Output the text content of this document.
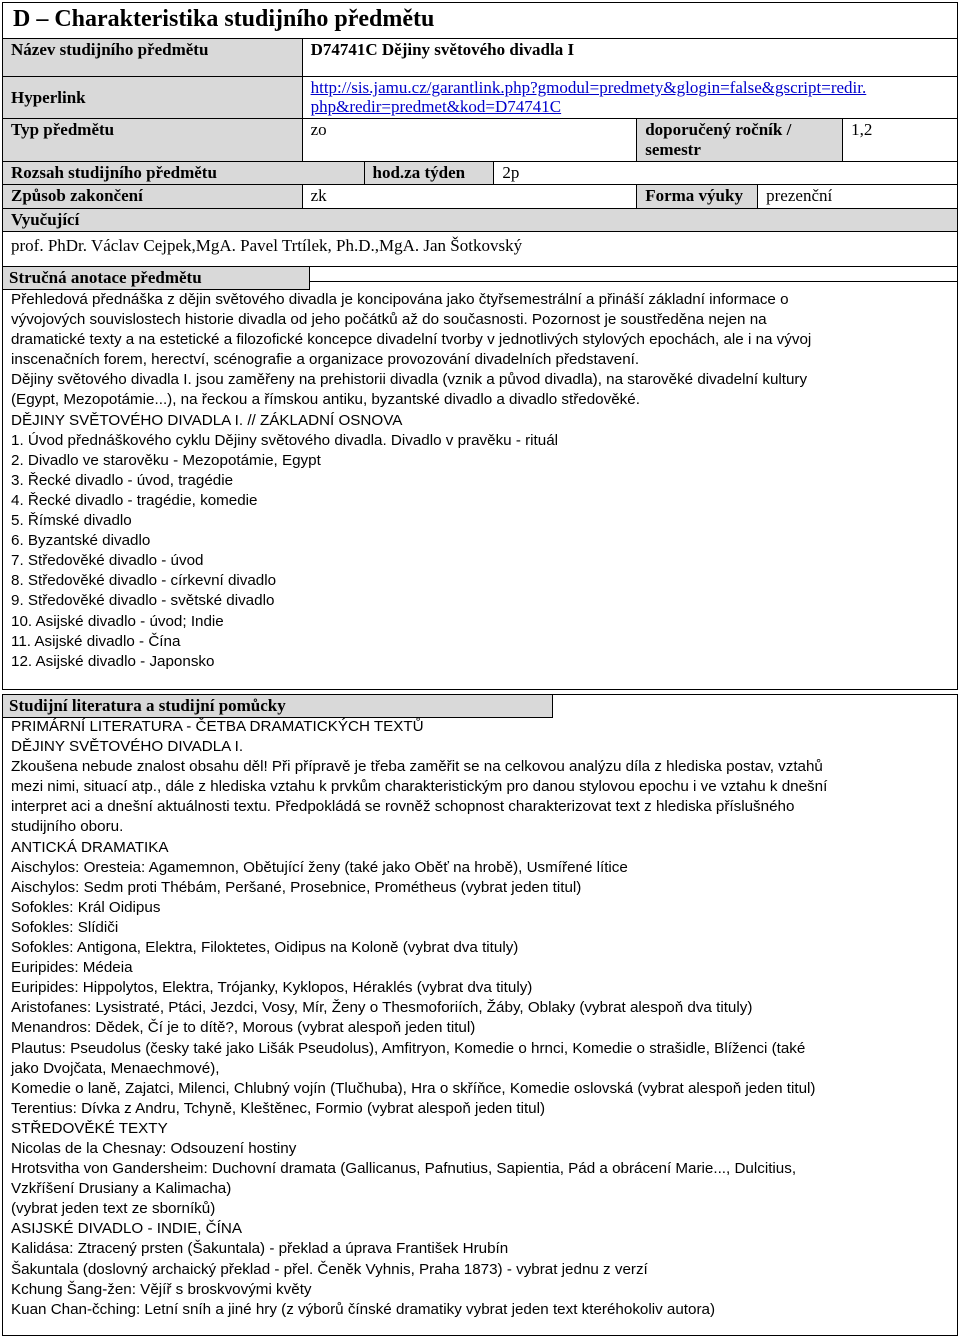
D – Charakteristika studijního předmětu
Název studijního předmětu	D74741C Dějiny světového divadla I					
Hyperlink	http://sis.jamu.cz/garantlink.php?gmodul=predmety&glogin=false&gscript=redir.
php&redir=predmet&kod=D74741C					

Typ předmětu	zo			doporučený ročník / semestr		1,2
Rozsah studijního předmětu		hod.za týden	2p			
Způsob zakončení	zk			Forma výuky	prezenční	
Vyučující						
prof. PhDr. Václav Cejpek,MgA. Pavel Trtílek, Ph.D.,MgA. Jan Šotkovský						
Stručná anotace předmětu
Přehledová přednáška z dějin světového divadla je koncipována jako čtyřsemestrální a přináší základní informace o
vývojových souvislostech historie divadla od jeho počátků až do současnosti. Pozornost je soustředěna nejen na
dramatické texty a na estetické a filozofické koncepce divadelní tvorby v jednotlivých stylových epochách, ale i na vývoj
inscenačních forem, herectví, scénografie a organizace provozování divadelních představení.
Dějiny světového divadla I. jsou zaměřeny na prehistorii divadla (vznik a původ divadla), na starověké divadelní kultury
(Egypt, Mezopotámie...), na řeckou a římskou antiku, byzantské divadlo a divadlo středověké.
DĚJINY SVĚTOVÉHO DIVADLA I. // ZÁKLADNÍ OSNOVA
1. Úvod přednáškového cyklu Dějiny světového divadla. Divadlo v pravěku - rituál
2. Divadlo ve starověku - Mezopotámie, Egypt
3. Řecké divadlo - úvod, tragédie
4. Řecké divadlo - tragédie, komedie
5. Římské divadlo
6. Byzantské divadlo
7. Středověké divadlo - úvod
8. Středověké divadlo - církevní divadlo
9. Středověké divadlo - světské divadlo
10. Asijské divadlo - úvod; Indie
11. Asijské divadlo - Čína
12. Asijské divadlo - Japonsko
Studijní literatura a studijní pomůcky
PRIMÁRNÍ LITERATURA - ČETBA DRAMATICKÝCH TEXTŮ
DĚJINY SVĚTOVÉHO DIVADLA I.
Zkoušena nebude znalost obsahu děl! Při přípravě je třeba zaměřit se na celkovou analýzu díla z hlediska postav, vztahů
mezi nimi, situací atp., dále z hlediska vztahu k prvkům charakteristickým pro danou stylovou epochu i ve vztahu k dnešní
interpret aci a dnešní aktuálnosti textu. Předpokládá se rovněž schopnost charakterizovat text z hlediska příslušného
studijního oboru.
ANTICKÁ DRAMATIKA
Aischylos: Oresteia: Agamemnon, Obětující ženy (také jako Oběť na hrobě), Usmířené lítice
Aischylos: Sedm proti Thébám, Peršané, Prosebnice, Prométheus (vybrat jeden titul)
Sofokles: Král Oidipus
Sofokles: Slídiči
Sofokles: Antigona, Elektra, Filoktetes, Oidipus na Koloně (vybrat dva tituly)
Euripides: Médeia
Euripides: Hippolytos, Elektra, Trójanky, Kyklopos, Héraklés (vybrat dva tituly)
Aristofanes: Lysistraté, Ptáci, Jezdci, Vosy, Mír, Ženy o Thesmoforiích, Žáby, Oblaky (vybrat alespoň dva tituly)
Menandros: Dědek, Čí je to dítě?, Morous (vybrat alespoň jeden titul)
Plautus: Pseudolus (česky také jako Lišák Pseudolus), Amfitryon, Komedie o hrnci, Komedie o strašidle, Blíženci (také
jako Dvojčata, Menaechmové),
Komedie o laně, Zajatci, Milenci, Chlubný vojín (Tlučhuba), Hra o skříňce, Komedie oslovská (vybrat alespoň jeden titul)
Terentius: Dívka z Andru, Tchyně, Kleštěnec, Formio (vybrat alespoň jeden titul)
STŘEDOVĚKÉ TEXTY
Nicolas de la Chesnay: Odsouzení hostiny
Hrotsvitha von Gandersheim: Duchovní dramata (Gallicanus, Pafnutius, Sapientia, Pád a obrácení Marie..., Dulcitius,
Vzkříšení Drusiany a Kalimacha)
(vybrat jeden text ze sborníků)
ASIJSKÉ DIVADLO - INDIE, ČÍNA
Kalidása: Ztracený prsten (Šakuntala) - překlad a úprava František Hrubín
Šakuntala (doslovný archaický překlad - přel. Čeněk Vyhnis, Praha 1873) - vybrat jednu z verzí
Kchung Šang-žen: Vějíř s broskvovými květy
Kuan Chan-čching: Letní sníh a jiné hry (z výborů čínské dramatiky vybrat jeden text kteréhokoliv autora)
